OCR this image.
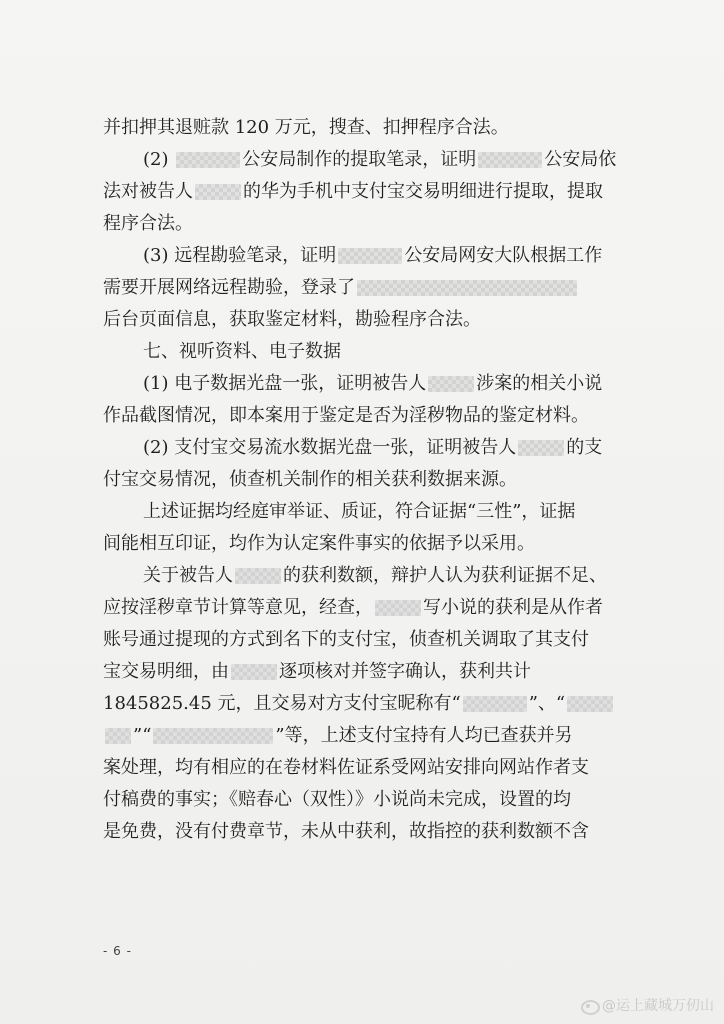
并扣押其退赃款 120 万元，搜查、扣押程序合法。
(2)	公安局制作的提取笔录，证明	公安局依
法对被告人	的华为手机中支付宝交易明细进行提取，提取
程序合法。
(3) 远程勘验笔录，证明	公安局网安大队根据工作
需要开展网络远程勘验，登录了
后台页面信息，获取鉴定材料，勘验程序合法。
七、视听资料、电子数据
(1) 电子数据光盘一张，证明被告人	涉案的相关小说
作品截图情况，即本案用于鉴定是否为淫秽物品的鉴定材料。
(2) 支付宝交易流水数据光盘一张，证明被告人	的支
付宝交易情况，侦查机关制作的相关获利数据来源。
上述证据均经庭审举证、质证，符合证据“三性”，证据
间能相互印证，均作为认定案件事实的依据予以采用。
关于被告人	的获利数额，辩护人认为获利证据不足、
应按淫秽章节计算等意见，经查，	写小说的获利是从作者
账号通过提现的方式到名下的支付宝，侦查机关调取了其支付
宝交易明细，由	逐项核对并签字确认，获利共计
1845825.45 元，且交易对方支付宝昵称有“	”、“
”“	”等，上述支付宝持有人均已查获并另
案处理，均有相应的在卷材料佐证系受网站安排向网站作者支
付稿费的事实；《赔春心（双性）》小说尚未完成，设置的均
是免费，没有付费章节，未从中获利，故指控的获利数额不含
- 6 -
@运上藏城万仞山
